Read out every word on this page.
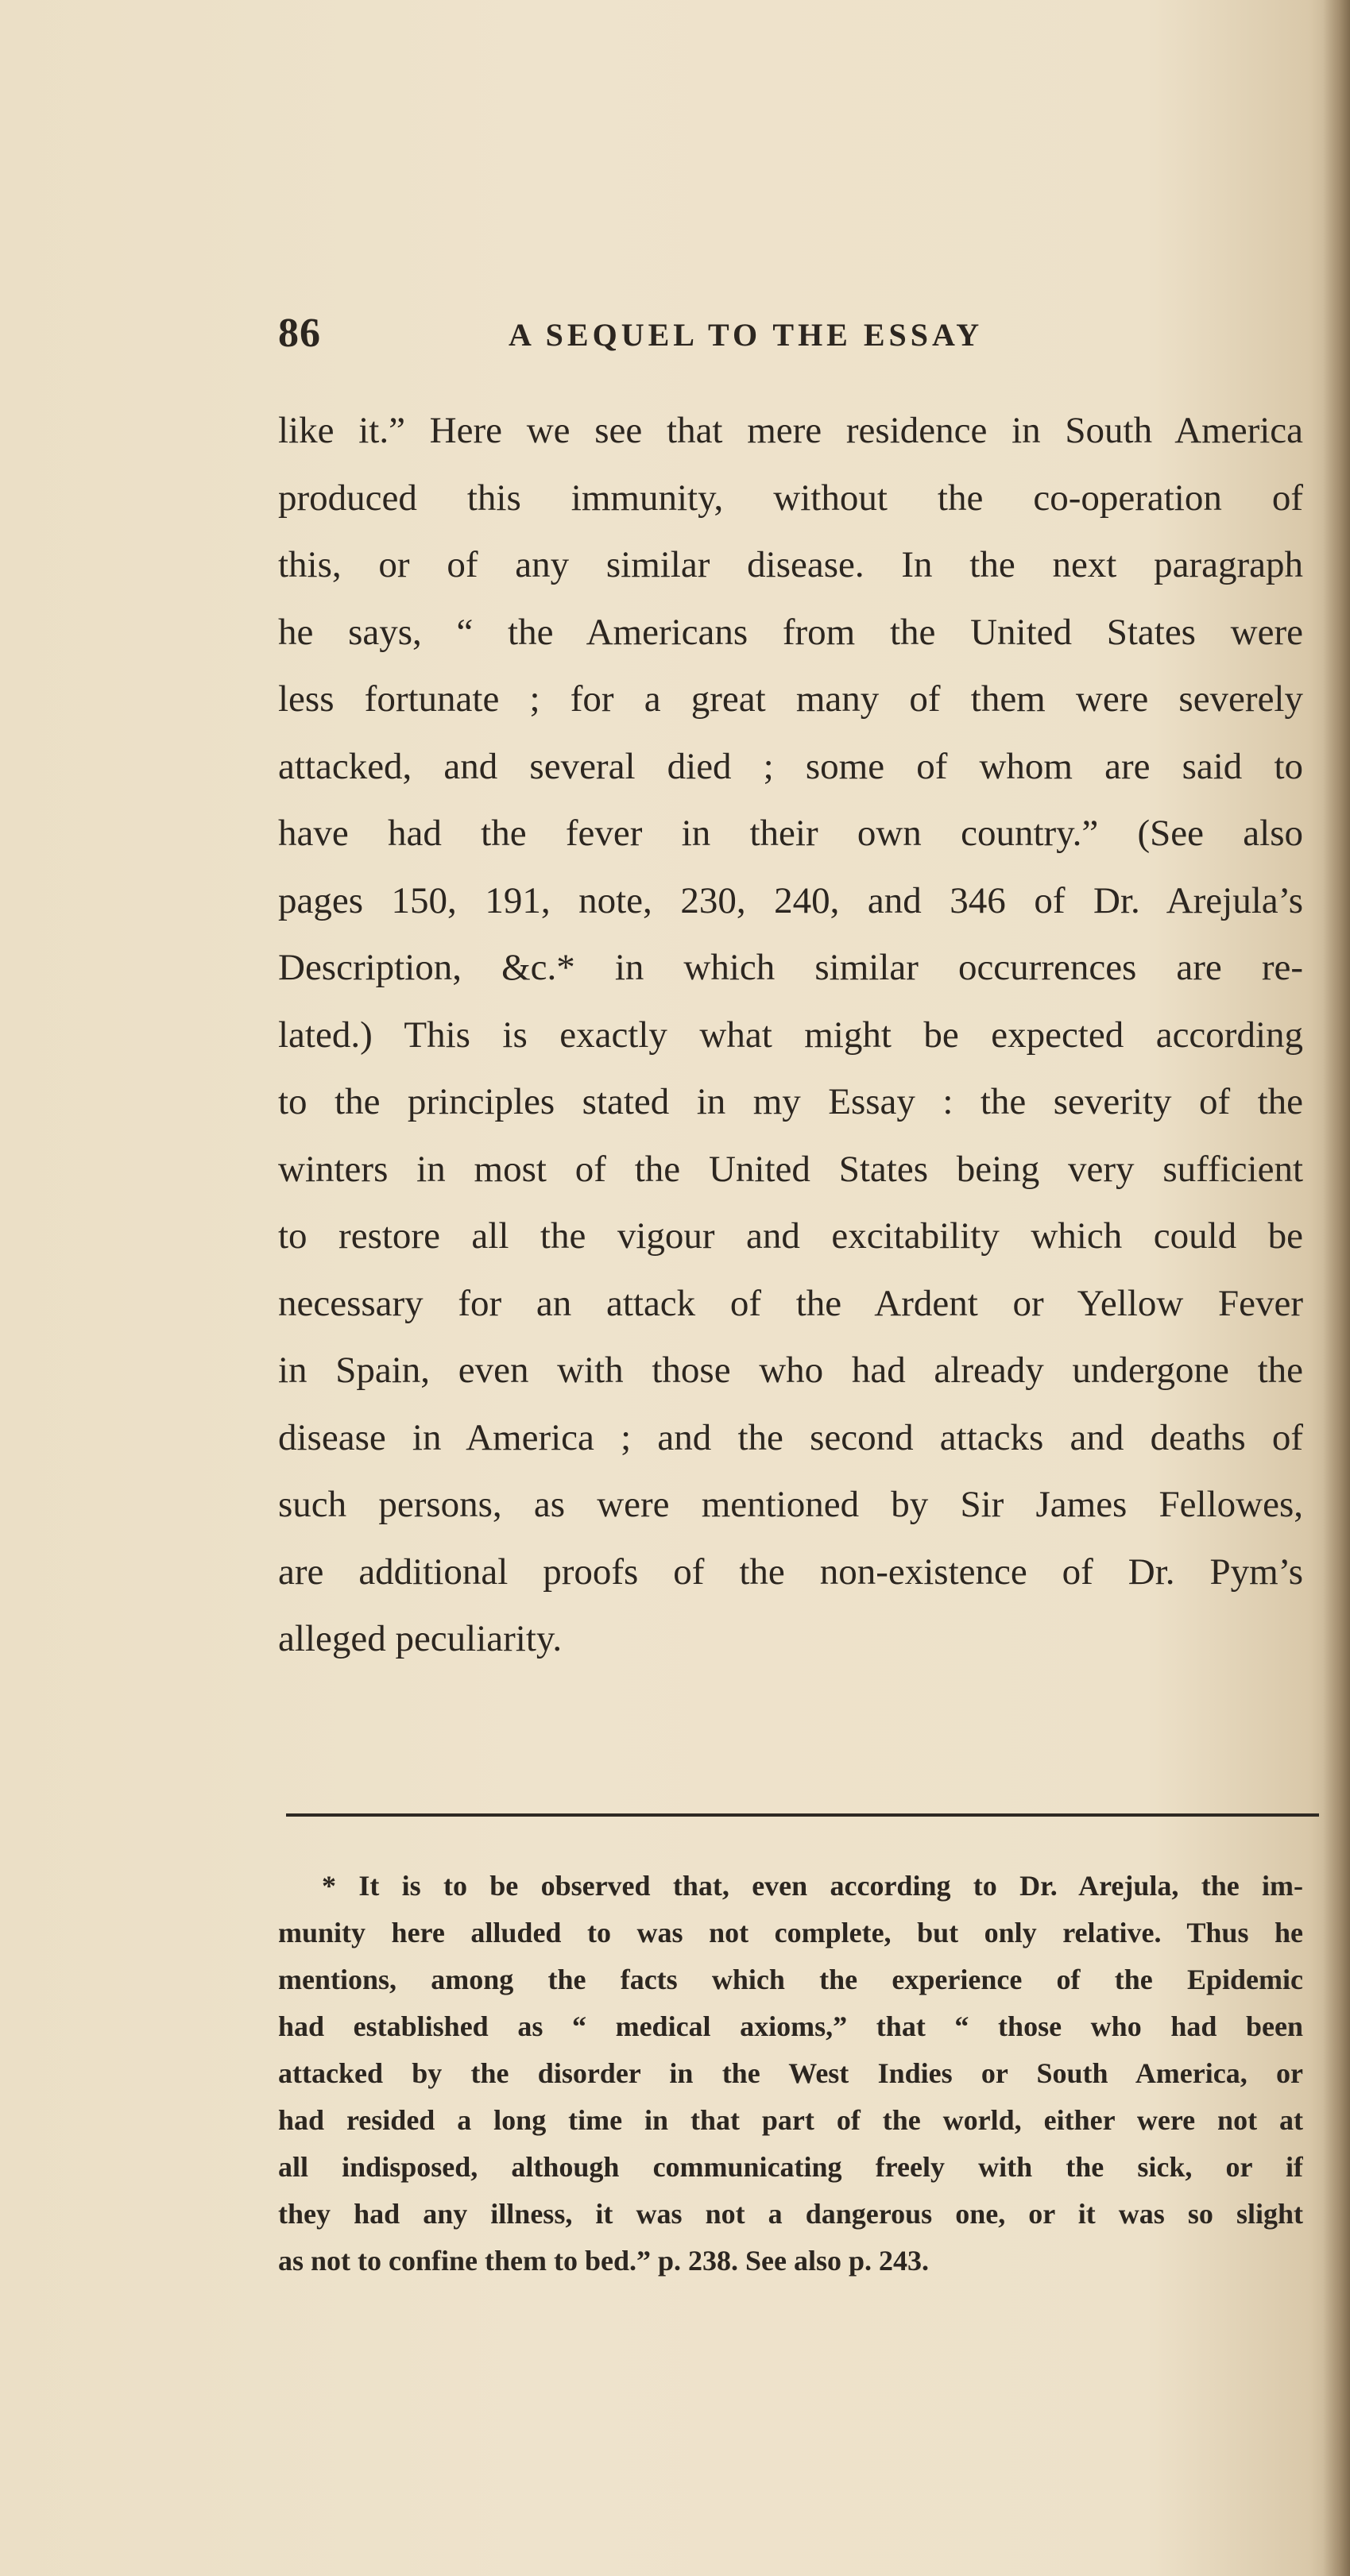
86	A SEQUEL TO THE ESSAY
like it.” Here we see that mere residence in South America
produced this immunity, without the co-operation of
this, or of any similar disease. In the next paragraph
he says, “ the Americans from the United States were
less fortunate ; for a great many of them were severely
attacked, and several died ; some of whom are said to
have had the fever in their own country.” (See also
pages 150, 191, note, 230, 240, and 346 of Dr. Arejula’s
Description, &c.* in which similar occurrences are re-
lated.) This is exactly what might be expected according
to the principles stated in my Essay : the severity of the
winters in most of the United States being very sufficient
to restore all the vigour and excitability which could be
necessary for an attack of the Ardent or Yellow Fever
in Spain, even with those who had already undergone the
disease in America ; and the second attacks and deaths of
such persons, as were mentioned by Sir James Fellowes,
are additional proofs of the non-existence of Dr. Pym’s
alleged peculiarity.
* It is to be observed that, even according to Dr. Arejula, the im-
munity here alluded to was not complete, but only relative. Thus he
mentions, among the facts which the experience of the Epidemic
had established as “ medical axioms,” that “ those who had been
attacked by the disorder in the West Indies or South America, or
had resided a long time in that part of the world, either were not at
all indisposed, although communicating freely with the sick, or if
they had any illness, it was not a dangerous one, or it was so slight
as not to confine them to bed.” p. 238. See also p. 243.
